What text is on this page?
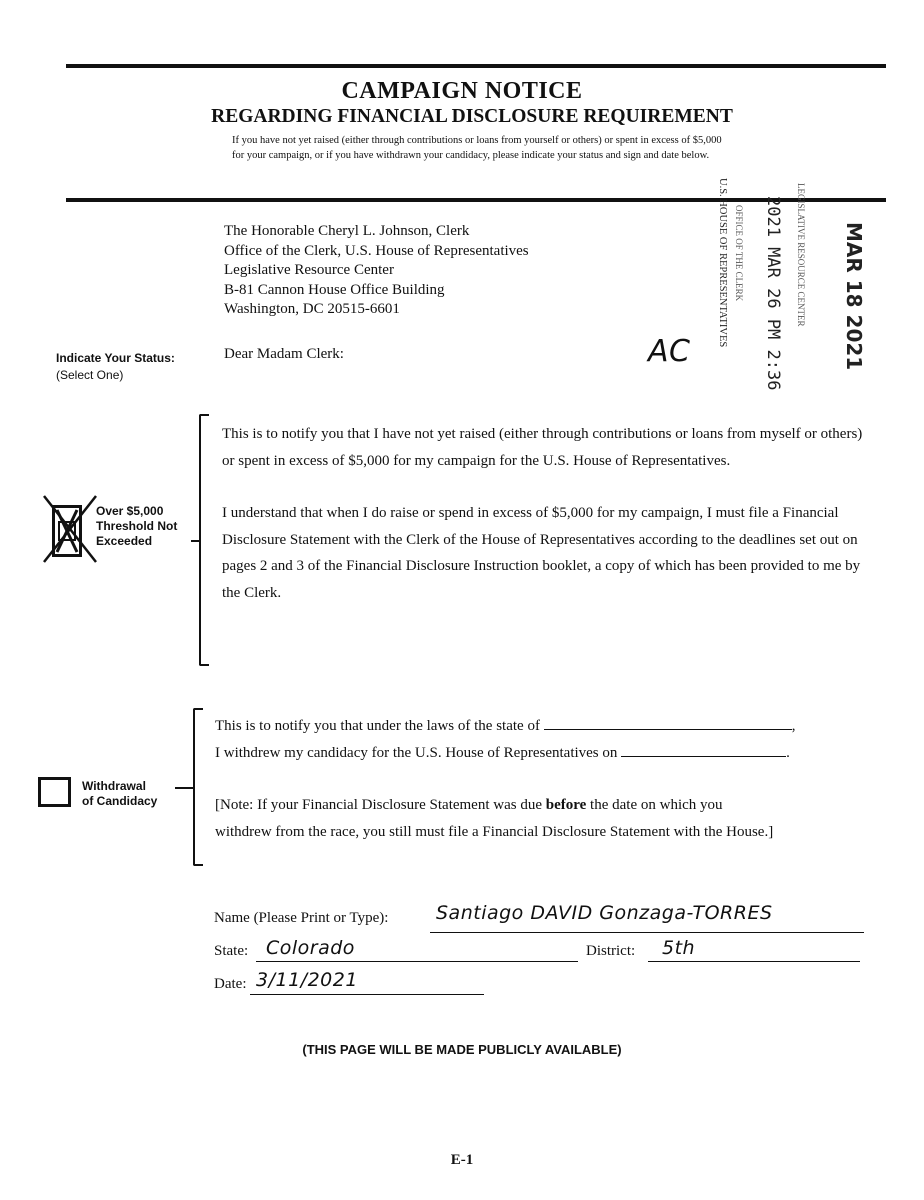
CAMPAIGN NOTICE
REGARDING FINANCIAL DISCLOSURE REQUIREMENT
If you have not yet raised (either through contributions or loans from yourself or others) or spent in excess of $5,000 for your campaign, or if you have withdrawn your candidacy, please indicate your status and sign and date below.
The Honorable Cheryl L. Johnson, Clerk
Office of the Clerk, U.S. House of Representatives
Legislative Resource Center
B-81 Cannon House Office Building
Washington, DC 20515-6601
Dear Madam Clerk:
Indicate Your Status:
(Select One)
U.S. HOUSE OF REPRESENTATIVES OFFICE OF THE CLERK 2021 MAR 26 PM 2:36 LEGISLATIVE RESOURCE CENTER MAR 18 2021
AC
Over $5,000
Threshold Not
Exceeded

This is to notify you that I have not yet raised (either through contributions or loans from myself or others) or spent in excess of $5,000 for my campaign for the U.S. House of Representatives.

I understand that when I do raise or spend in excess of $5,000 for my campaign, I must file a Financial Disclosure Statement with the Clerk of the House of Representatives according to the deadlines set out on pages 2 and 3 of the Financial Disclosure Instruction booklet, a copy of which has been provided to me by the Clerk.

Withdrawal
of Candidacy

This is to notify you that under the laws of the state of	,

I withdrew my candidacy for the U.S. House of Representatives on	.

[Note: If your Financial Disclosure Statement was due before the date on which you

withdrew from the race, you still must file a Financial Disclosure Statement with the House.]

Name (Please Print or Type):	Santiago DAVID Gonzaga-TORRES
State: Colorado	District: 5th
Date: 3/11/2021
(THIS PAGE WILL BE MADE PUBLICLY AVAILABLE)
E-1
